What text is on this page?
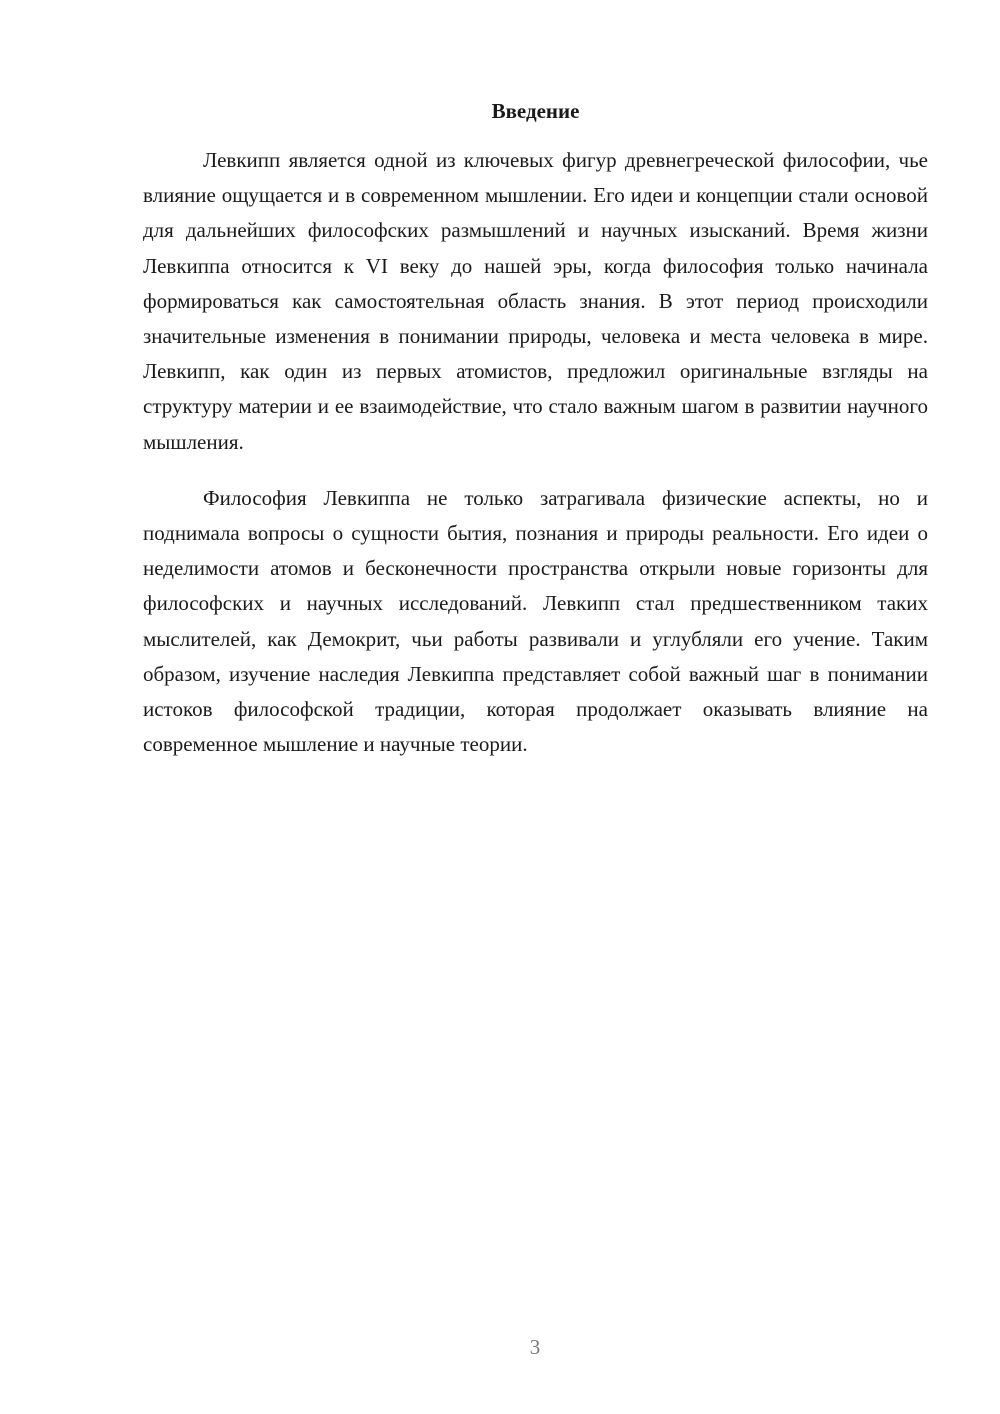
Введение

Левкипп является одной из ключевых фигур древнегреческой философии, чье влияние ощущается и в современном мышлении. Его идеи и концепции стали основой для дальнейших философских размышлений и научных изысканий. Время жизни Левкиппа относится к VI веку до нашей эры, когда философия только начинала формироваться как самостоятельная область знания. В этот период происходили значительные изменения в понимании природы, человека и места человека в мире. Левкипп, как один из первых атомистов, предложил оригинальные взгляды на структуру материи и ее взаимодействие, что стало важным шагом в развитии научного мышления.

Философия Левкиппа не только затрагивала физические аспекты, но и поднимала вопросы о сущности бытия, познания и природы реальности. Его идеи о неделимости атомов и бесконечности пространства открыли новые горизонты для философских и научных исследований. Левкипп стал предшественником таких мыслителей, как Демокрит, чьи работы развивали и углубляли его учение. Таким образом, изучение наследия Левкиппа представляет собой важный шаг в понимании истоков философской традиции, которая продолжает оказывать влияние на современное мышление и научные теории.

3
